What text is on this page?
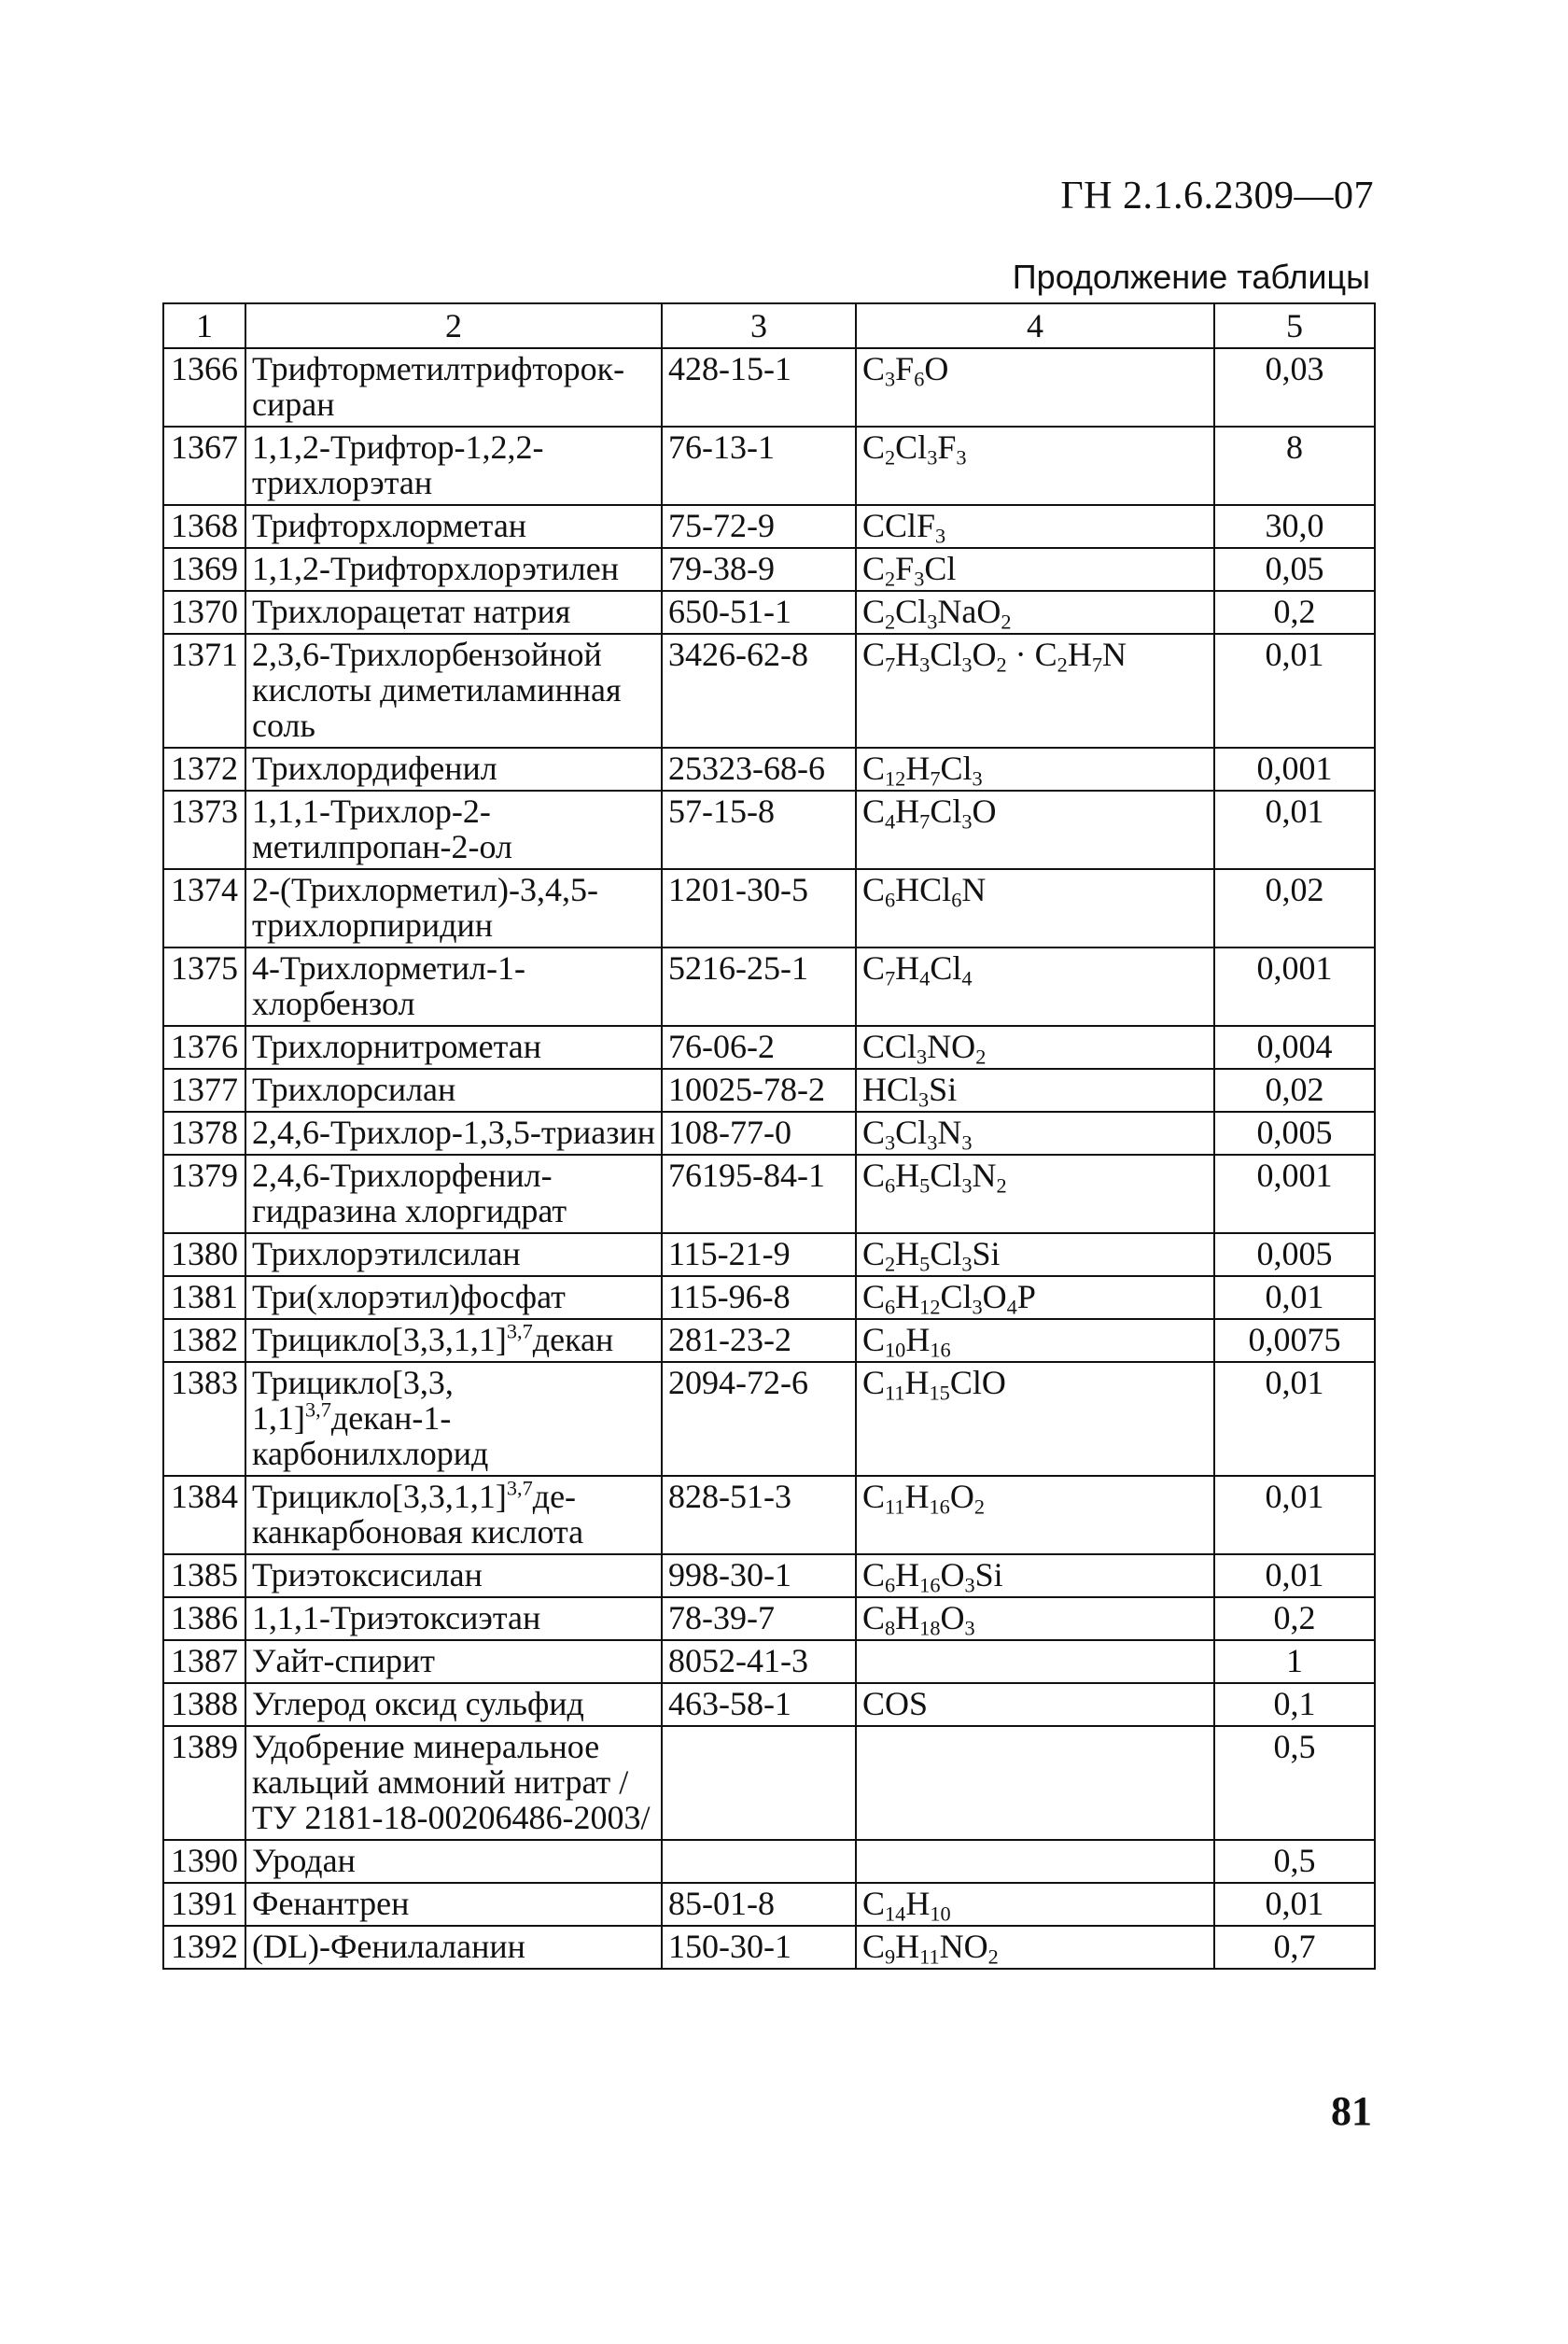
ГН 2.1.6.2309—07
Продолжение таблицы
1	2	3	4	5
1366	Трифторметилтрифторок-сиран	428-15-1	$C_3F_6O$	0,03
1367	1,1,2-Трифтор-1,2,2-трихлорэтан	76-13-1	$C_2Cl_3F_3$	8
1368	Трифторхлорметан	75-72-9	CClF$_3$	30,0
1369	1,1,2-Трифторхлорэтилен	79-38-9	$C_2F_3Cl$	0,05
1370	Трихлорацетат натрия	650-51-1	$C_2Cl_3NaO_2$	0,2
1371	2,3,6-Трихлорбензойной кислоты диметиламинная соль	3426-62-8	$C_7H_3Cl_3O_2 \cdot C_2H_7N$	0,01
1372	Трихлордифенил	25323-68-6	$C_{12}H_7Cl_3$	0,001
1373	1,1,1-Трихлор-2-метилпропан-2-ол	57-15-8	$C_4H_7Cl_3O$	0,01
1374	2-(Трихлорметил)-3,4,5-трихлорпиридин	1201-30-5	$C_6HCl_6N$	0,02
1375	4-Трихлорметил-1-хлорбензол	5216-25-1	$C_7H_4Cl_4$	0,001
1376	Трихлорнитрометан	76-06-2	$CCl_3NO_2$	0,004
1377	Трихлорсилан	10025-78-2	HCl$_3$Si	0,02
1378	2,4,6-Трихлор-1,3,5-триазин	108-77-0	$C_3Cl_3N_3$	0,005
1379	2,4,6-Трихлорфенил-гидразина хлоргидрат	76195-84-1	$C_6H_5Cl_3N_2$	0,001
1380	Трихлорэтилсилан	115-21-9	$C_2H_5Cl_3Si$	0,005
1381	Три(хлорэтил)фосфат	115-96-8	$C_6H_{12}Cl_3O_4P$	0,01
1382	$Трицикло[3,3,1,1]^{3,7}декан$	281-23-2	$C_{10}H_{16}$	0,0075
1383	Трицикло[3,3, 1,1]$^{3,7}$декан-1-карбонилхлорид	2094-72-6	$C_{11}H_{15}ClO$	0,01
1384	$Трицикло[3,3,1,1]^{3,7}де$-канкарбоновая кислота	828-51-3	$C_{11}H_{16}O_2$	0,01
1385	Триэтоксисилан	998-30-1	$C_6H_{16}O_3Si$	0,01
1386	1,1,1-Триэтоксиэтан	78-39-7	$C_8H_{18}O_3$	0,2
1387	Уайт-спирит	8052-41-3		1
1388	Углерод оксид сульфид	463-58-1	COS	0,1
1389	Удобрение минеральное кальций аммоний нитрат /ТУ 2181-18-00206486-2003/			0,5
1390	Уродан			0,5
1391	Фенантрен	85-01-8	$C_{14}H_{10}$	0,01
1392	(DL)-Фенилаланин	150-30-1	$C_9H_{11}NO_2$	0,7
81
